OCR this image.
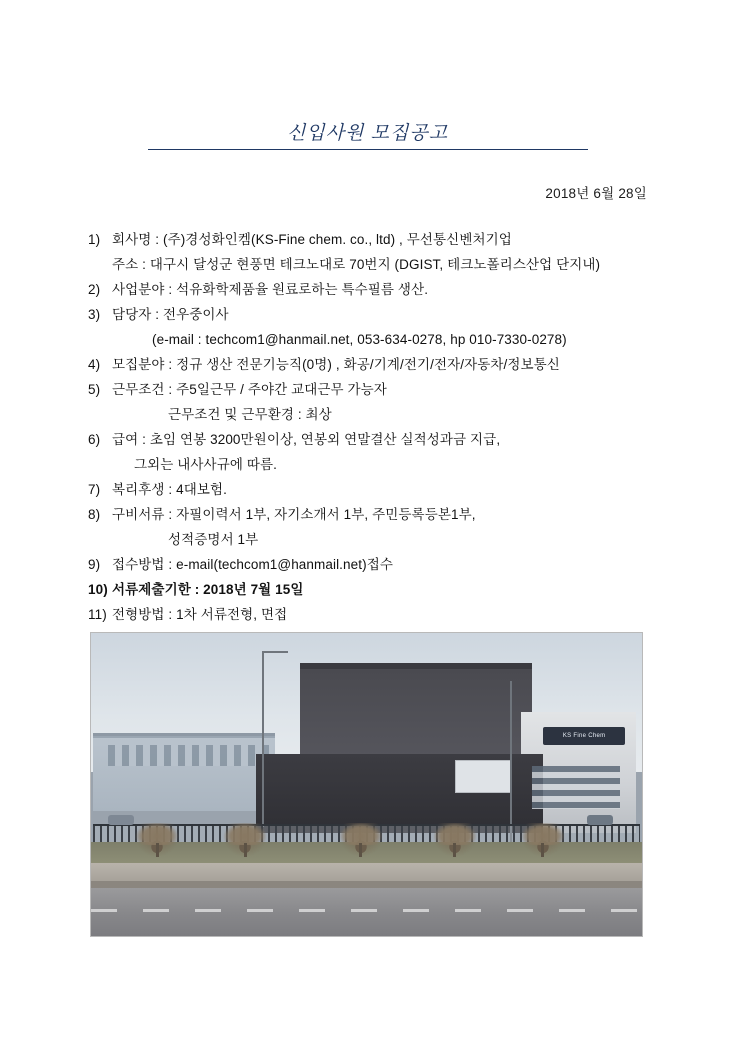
신입사원 모집공고
2018년 6월 28일
1) 회사명 : (주)경성화인켐(KS-Fine chem. co., ltd) , 무선통신벤처기업
주소 : 대구시 달성군 현풍면 테크노대로 70번지 (DGIST, 테크노폴리스산업 단지내)
2) 사업분야 : 석유화학제품율 원료로하는 특수필름 생산.
3) 담당자 : 전우중이사
(e-mail : techcom1@hanmail.net, 053-634-0278, hp 010-7330-0278)
4) 모집분야 : 정규 생산 전문기능직(0명) , 화공/기계/전기/전자/자동차/정보통신
5) 근무조건 : 주5일근무 / 주야간 교대근무 가능자
근무조건 및 근무환경 : 최상
6) 급여 : 초임 연봉 3200만원이상, 연봉외 연말결산 실적성과금 지급,
그외는 내사사규에 따름.
7) 복리후생 : 4대보험.
8) 구비서류 : 자필이력서 1부, 자기소개서 1부, 주민등록등본1부,
성적증명서 1부
9) 접수방법 : e-mail(techcom1@hanmail.net)접수
10) 서류제출기한 : 2018년 7월 15일
11) 전형방법 : 1차 서류전형, 면접
KS Fine Chem
